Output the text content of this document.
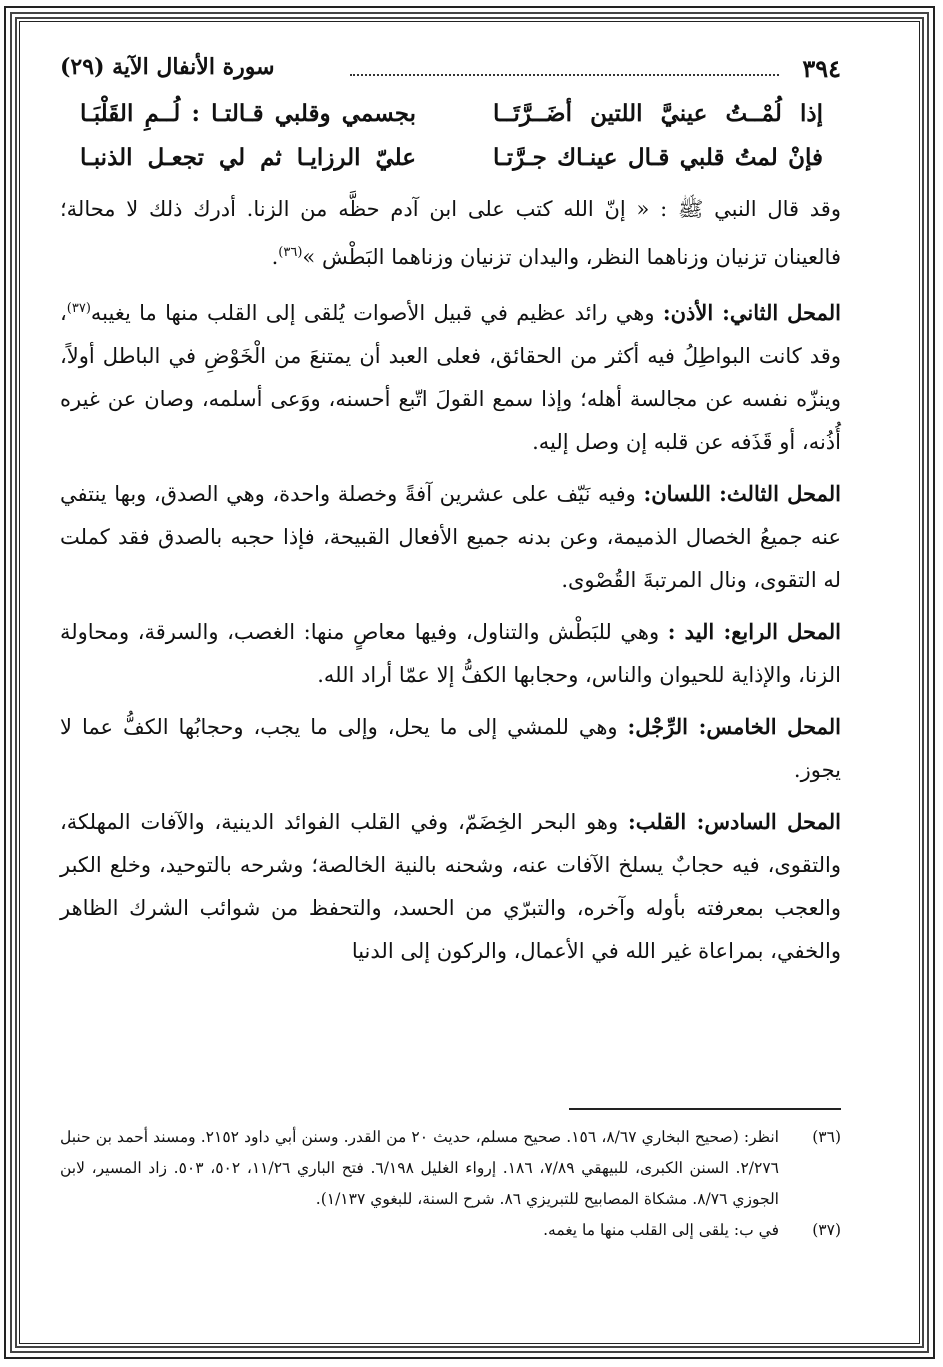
٣٩٤
سورة الأنفال الآية (٢٩)
إذا لُمْــتُ عينيَّ اللتين أضَــرَّتَــا
بجسمي وقلبي قـالتـا : لُــمِ القَلْبَـا
فإنْ لمتُ قلبي قـال عينـاك جـرَّتـا
عليّ الرزايـا ثم لي تجعـل الذنبـا

وقد قال النبي ﷺ : « إنّ الله كتب على ابن آدم حظَّه من الزنا. أدرك ذلك لا محالة؛ فالعينان تزنيان وزناهما النظر، واليدان تزنيان وزناهما البَطْش »$^{(٣٦)}$.

المحل الثاني: الأذن: وهي رائد عظيم في قبيل الأصوات يُلقى إلى القلب منها ما يغيبه$^{(٣٧)}$، وقد كانت البواطِلُ فيه أكثر من الحقائق، فعلى العبد أن يمتنعَ من الْخَوْضِ في الباطل أولاً، وينزّه نفسه عن مجالسة أهله؛ وإذا سمع القولَ اتّبع أحسنه، ووَعى أسلمه، وصان عن غيره أُذُنه، أو قَذَفه عن قلبه إن وصل إليه.

المحل الثالث: اللسان: وفيه نَيّف على عشرين آفةً وخصلة واحدة، وهي الصدق، وبها ينتفي عنه جميعُ الخصال الذميمة، وعن بدنه جميع الأفعال القبيحة، فإذا حجبه بالصدق فقد كملت له التقوى، ونال المرتبةَ القُصْوى.

المحل الرابع: اليد : وهي للبَطْش والتناول، وفيها معاصٍ منها: الغصب، والسرقة، ومحاولة الزنا، والإذاية للحيوان والناس، وحجابها الكفُّ إلا عمّا أراد الله.

المحل الخامس: الرِّجْل: وهي للمشي إلى ما يحل، وإلى ما يجب، وحجابُها الكفُّ عما لا يجوز.

المحل السادس: القلب: وهو البحر الخِضَمّ، وفي القلب الفوائد الدينية، والآفات المهلكة، والتقوى، فيه حجابٌ يسلخ الآفات عنه، وشحنه بالنية الخالصة؛ وشرحه بالتوحيد، وخلع الكبر والعجب بمعرفته بأوله وآخره، والتبرّي من الحسد، والتحفظ من شوائب الشرك الظاهر والخفي، بمراعاة غير الله في الأعمال، والركون إلى الدنيا

(٣٦)
انظر: (صحيح البخاري ٨/٦٧، ١٥٦. صحيح مسلم، حديث ٢٠ من القدر. وسنن أبي داود ٢١٥٢. ومسند أحمد بن حنبل ٢/٢٧٦. السنن الكبرى، للبيهقي ٧/٨٩، ١٨٦. إرواء الغليل ٦/١٩٨. فتح الباري ١١/٢٦، ٥٠٢، ٥٠٣. زاد المسير، لابن الجوزي ٨/٧٦. مشكاة المصابيح للتبريزي ٨٦. شرح السنة، للبغوي ١/١٣٧).
(٣٧)
في ب: يلقى إلى القلب منها ما يغمه.
